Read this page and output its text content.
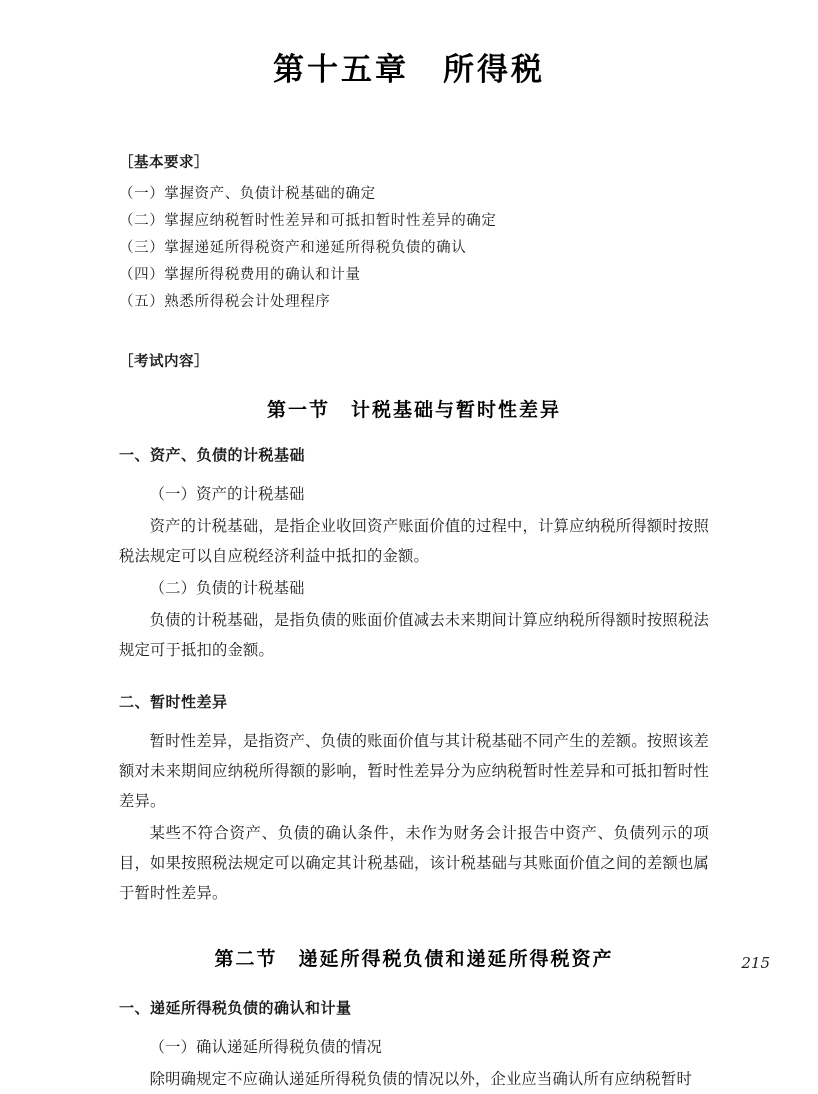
第十五章　所得税
［基本要求］
（一）掌握资产、负债计税基础的确定
（二）掌握应纳税暂时性差异和可抵扣暂时性差异的确定
（三）掌握递延所得税资产和递延所得税负债的确认
（四）掌握所得税费用的确认和计量
（五）熟悉所得税会计处理程序
［考试内容］
第一节　计税基础与暂时性差异
一、资产、负债的计税基础

（一）资产的计税基础

资产的计税基础，是指企业收回资产账面价值的过程中，计算应纳税所得额时按照税法规定可以自应税经济利益中抵扣的金额。

（二）负债的计税基础

负债的计税基础，是指负债的账面价值减去未来期间计算应纳税所得额时按照税法规定可于抵扣的金额。

二、暂时性差异

暂时性差异，是指资产、负债的账面价值与其计税基础不同产生的差额。按照该差额对未来期间应纳税所得额的影响，暂时性差异分为应纳税暂时性差异和可抵扣暂时性差异。

某些不符合资产、负债的确认条件，未作为财务会计报告中资产、负债列示的项目，如果按照税法规定可以确定其计税基础，该计税基础与其账面价值之间的差额也属于暂时性差异。

第二节　递延所得税负债和递延所得税资产
一、递延所得税负债的确认和计量

（一）确认递延所得税负债的情况

除明确规定不应确认递延所得税负债的情况以外，企业应当确认所有应纳税暂时

215
